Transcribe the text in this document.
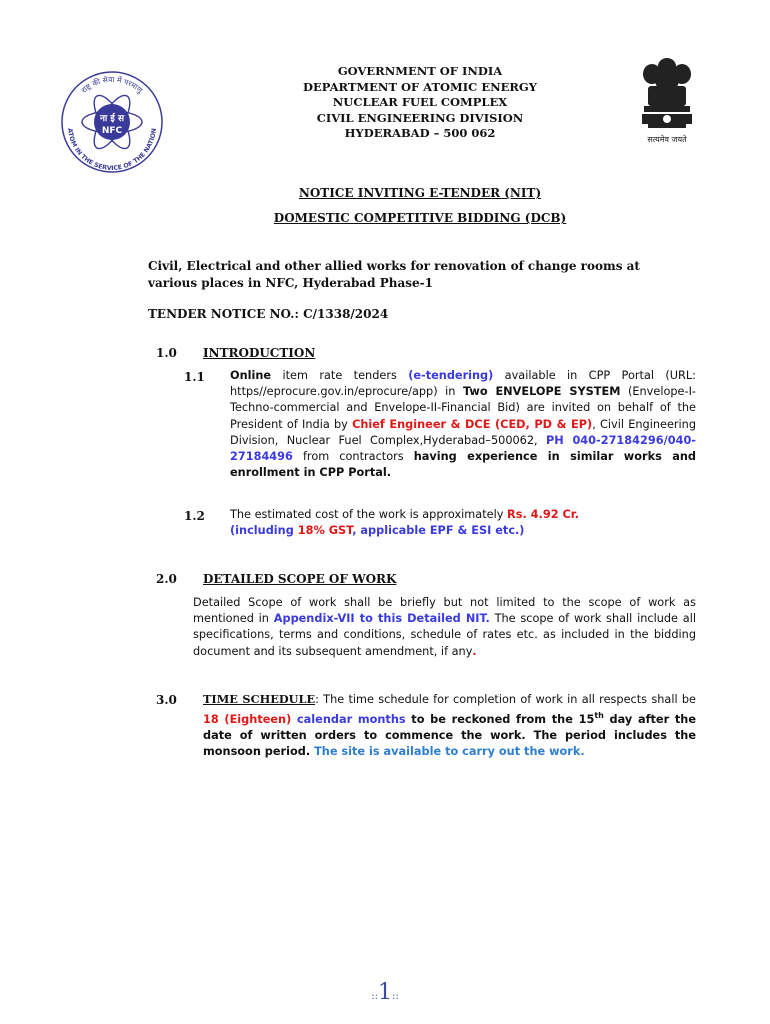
ना ई स
NFC
राष्ट्र की सेवा में परमाणु
ATOM IN THE SERVICE OF THE NATION
GOVERNMENT OF INDIA
DEPARTMENT OF ATOMIC ENERGY
NUCLEAR FUEL COMPLEX
CIVIL ENGINEERING DIVISION
HYDERABAD – 500 062	सत्यमेव जयते
NOTICE INVITING E-TENDER (NIT)
DOMESTIC COMPETITIVE BIDDING (DCB)
Civil, Electrical and other allied works for renovation of change rooms at various places in NFC, Hyderabad Phase-1
TENDER NOTICE NO.: C/1338/2024
1.0 INTRODUCTION
1.1 Online item rate tenders (e-tendering) available in CPP Portal (URL: https//eprocure.gov.in/eprocure/app) in Two ENVELOPE SYSTEM (Envelope-I- Techno-commercial and Envelope-II-Financial Bid) are invited on behalf of the President of India by Chief Engineer & DCE (CED, PD & EP), Civil Engineering Division, Nuclear Fuel Complex,Hyderabad–500062, PH 040-27184296/040-27184496 from contractors having experience in similar works and enrollment in CPP Portal.
1.2 The estimated cost of the work is approximately Rs. 4.92 Cr.
(including 18% GST, applicable EPF & ESI etc.)
2.0 DETAILED SCOPE OF WORK
Detailed Scope of work shall be briefly but not limited to the scope of work as mentioned in Appendix-VII to this Detailed NIT. The scope of work shall include all specifications, terms and conditions, schedule of rates etc. as included in the bidding document and its subsequent amendment, if any.
3.0 TIME SCHEDULE: The time schedule for completion of work in all respects shall be 18 (Eighteen) calendar months to be reckoned from the 15th day after the date of written orders to commence the work. The period includes the monsoon period. The site is available to carry out the work.
::1::
